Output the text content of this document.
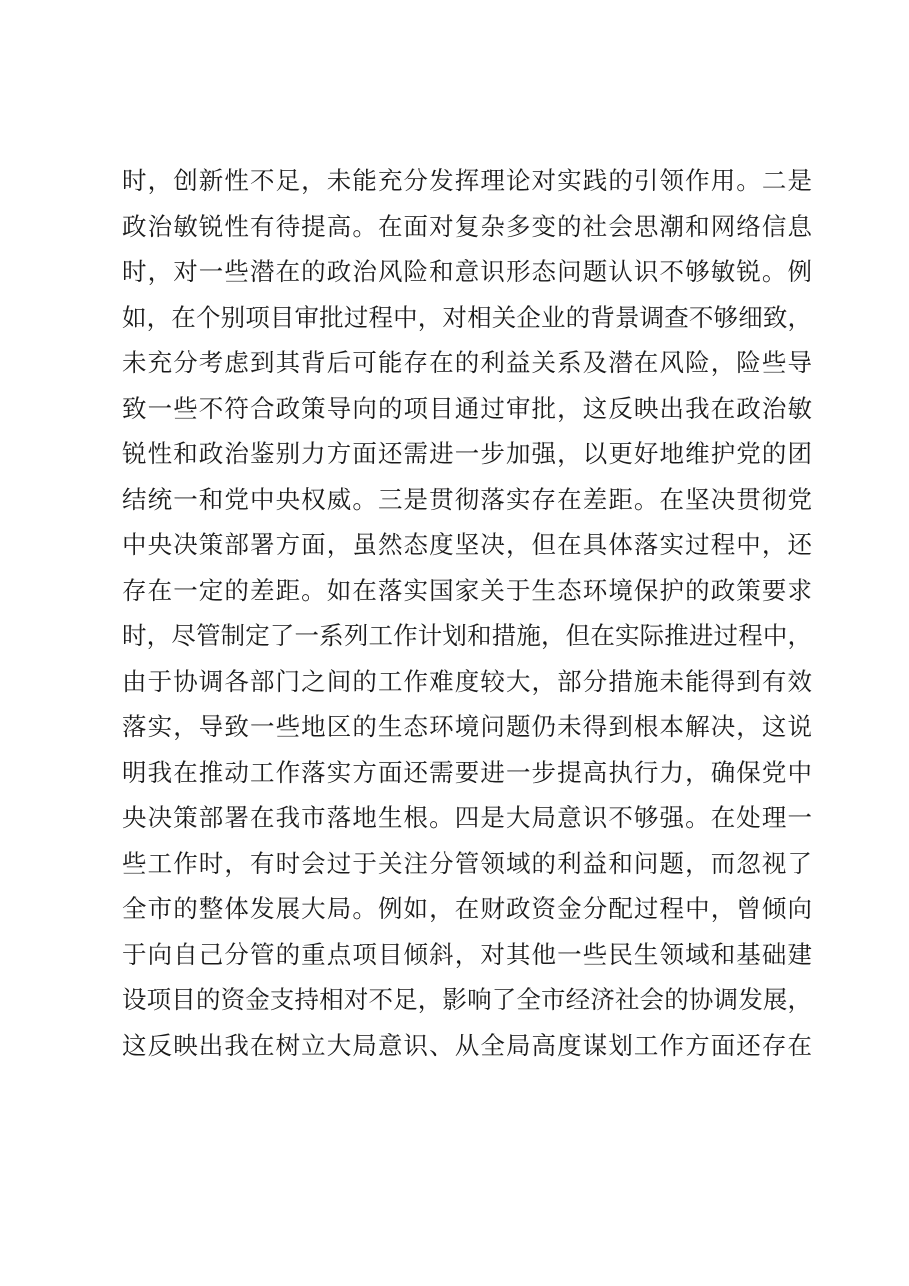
时，创新性不足，未能充分发挥理论对实践的引领作用。二是
政治敏锐性有待提高。在面对复杂多变的社会思潮和网络信息
时，对一些潜在的政治风险和意识形态问题认识不够敏锐。例
如，在个别项目审批过程中，对相关企业的背景调查不够细致，
未充分考虑到其背后可能存在的利益关系及潜在风险，险些导
致一些不符合政策导向的项目通过审批，这反映出我在政治敏
锐性和政治鉴别力方面还需进一步加强，以更好地维护党的团
结统一和党中央权威。三是贯彻落实存在差距。在坚决贯彻党
中央决策部署方面，虽然态度坚决，但在具体落实过程中，还
存在一定的差距。如在落实国家关于生态环境保护的政策要求
时，尽管制定了一系列工作计划和措施，但在实际推进过程中，
由于协调各部门之间的工作难度较大，部分措施未能得到有效
落实，导致一些地区的生态环境问题仍未得到根本解决，这说
明我在推动工作落实方面还需要进一步提高执行力，确保党中
央决策部署在我市落地生根。四是大局意识不够强。在处理一
些工作时，有时会过于关注分管领域的利益和问题，而忽视了
全市的整体发展大局。例如，在财政资金分配过程中，曾倾向
于向自己分管的重点项目倾斜，对其他一些民生领域和基础建
设项目的资金支持相对不足，影响了全市经济社会的协调发展，
这反映出我在树立大局意识、从全局高度谋划工作方面还存在
